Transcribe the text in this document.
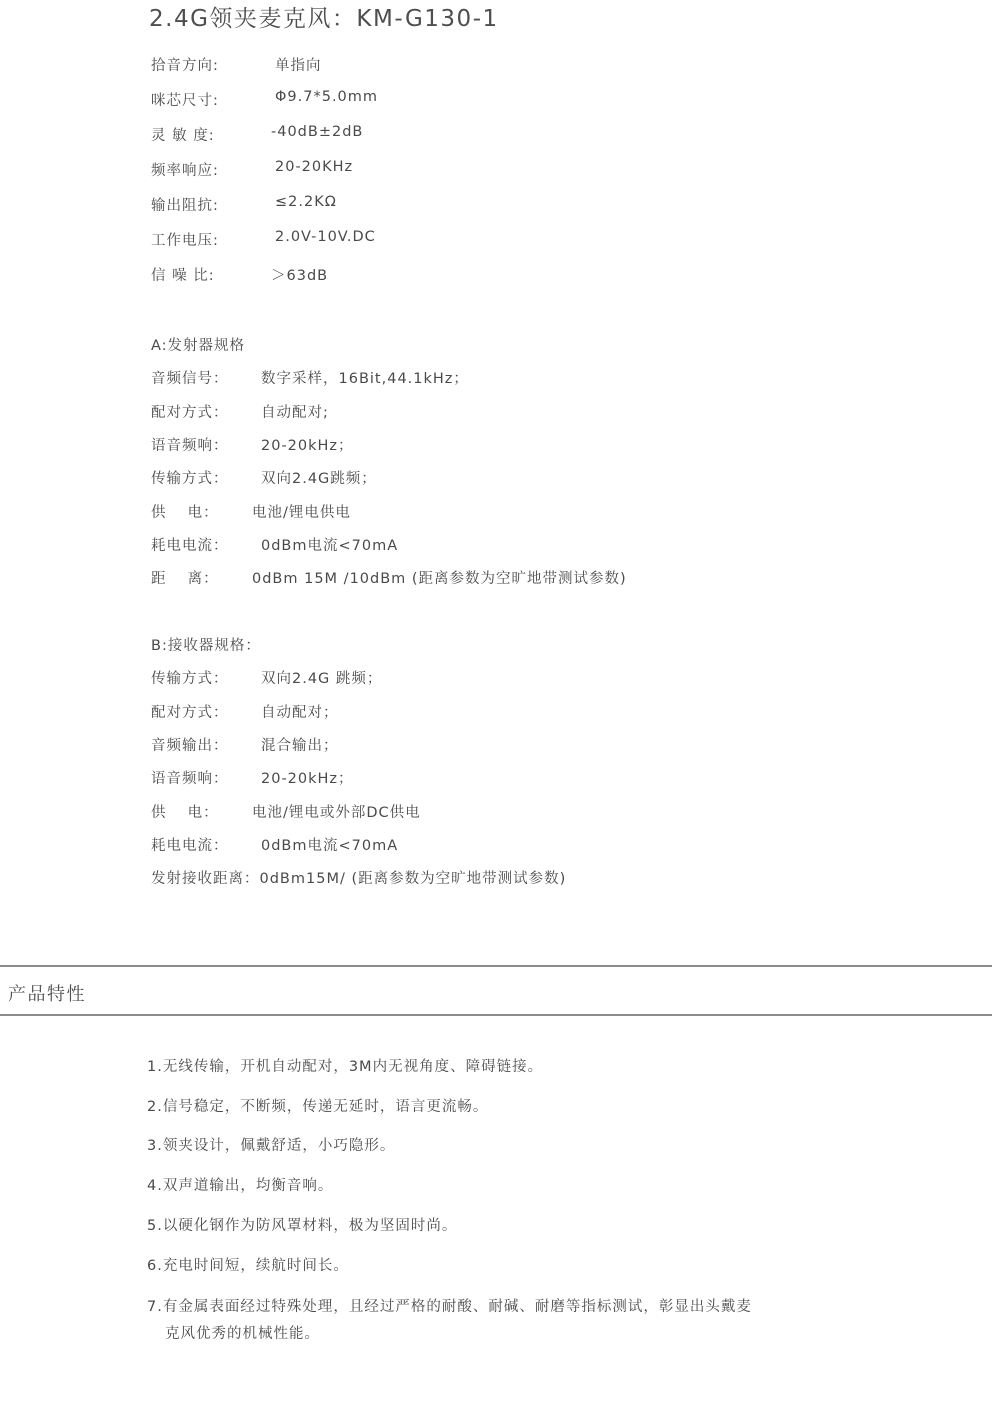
2.4G领夹麦克风：KM-G130-1
拾音方向:	单指向
咪芯尺寸:	Φ9.7*5.0mm
灵 敏 度:	-40dB±2dB
频率响应:	20-20KHz
输出阻抗:	≤2.2KΩ
工作电压:	2.0V-10V.DC
信 噪 比:	＞63dB
A:发射器规格
音频信号： 数字采样，16Bit,44.1kHz；
配对方式： 自动配对;
语音频响： 20-20kHz；
传输方式： 双向2.4G跳频；
供　 电： 电池/锂电供电
耗电电流： 0dBm电流<70mA
距　 离： 0dBm 15M /10dBm (距离参数为空旷地带测试参数)
B:接收器规格：
传输方式： 双向2.4G 跳频；
配对方式： 自动配对；
音频输出： 混合输出；
语音频响： 20-20kHz；
供　 电： 电池/锂电或外部DC供电
耗电电流： 0dBm电流<70mA
发射接收距离：0dBm15M/ (距离参数为空旷地带测试参数)
产品特性
1.无线传输，开机自动配对，3M内无视角度、障碍链接。
2.信号稳定，不断频，传递无延时，语言更流畅。
3.领夹设计，佩戴舒适，小巧隐形。
4.双声道输出，均衡音响。
5.以硬化钢作为防风罩材料，极为坚固时尚。
6.充电时间短，续航时间长。
7.有金属表面经过特殊处理，且经过严格的耐酸、耐碱、耐磨等指标测试，彰显出头戴麦
克风优秀的机械性能。
